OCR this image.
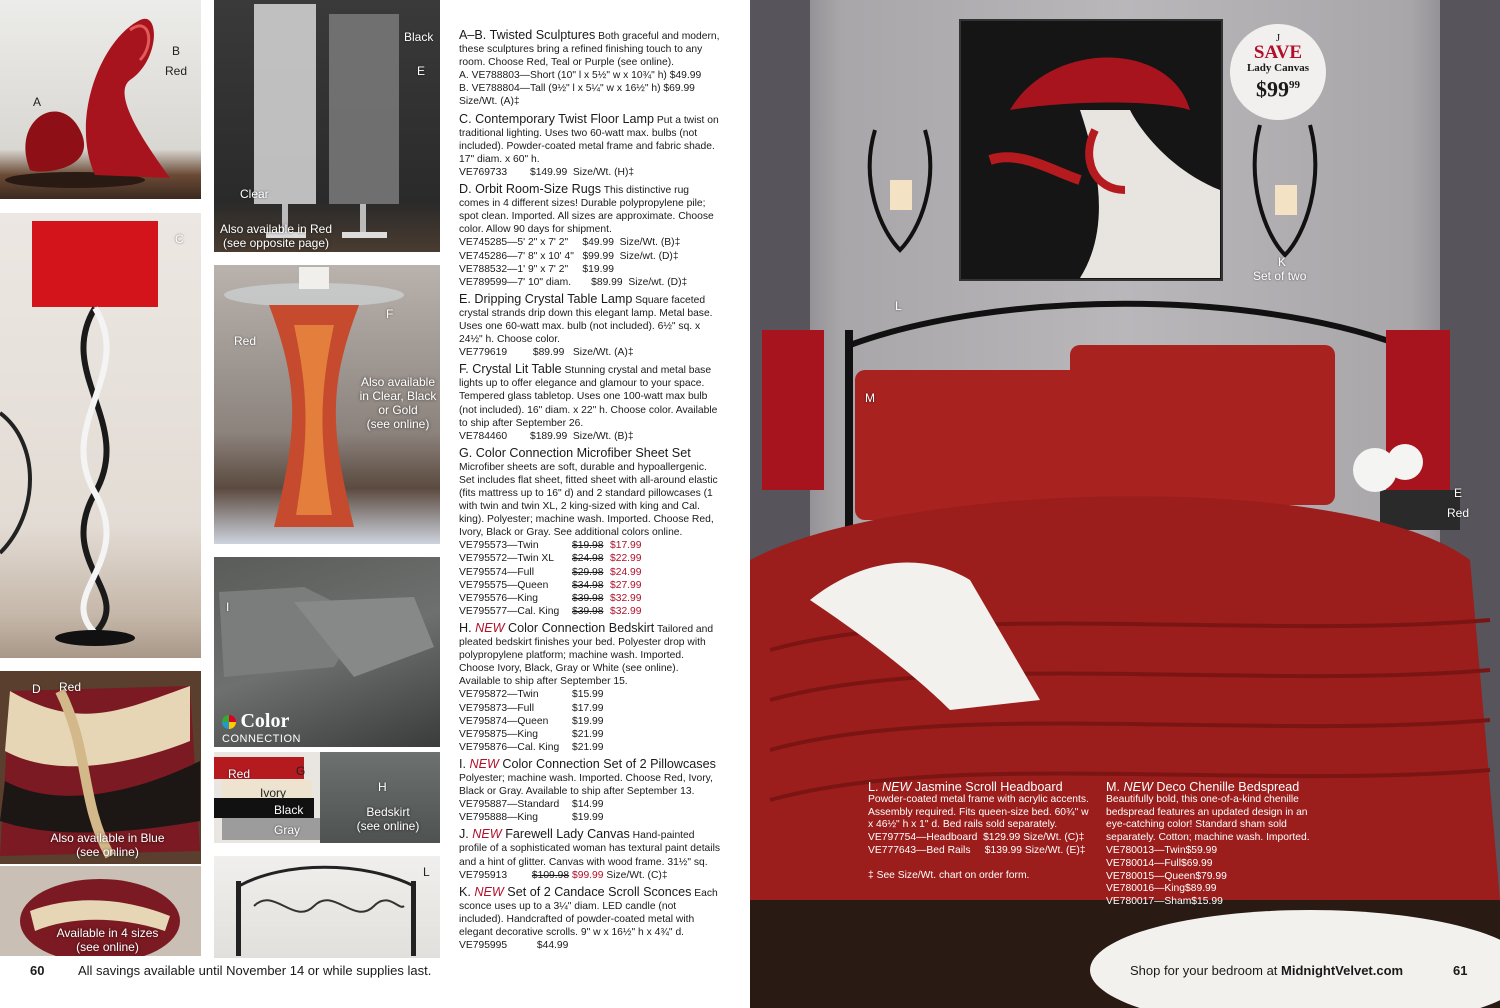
A
B
Red
Black
E
Clear
Also available in Red
(see opposite page)
C
Red
F
Also available
in Clear, Black
or Gold
(see online)
I
Color
CONNECTION
Red
Ivory
Black
Gray
G
H
Bedskirt
(see online)
D Red
Also available in Blue
(see online)
Available in 4 sizes
(see online)
L
A–B. Twisted Sculptures Both graceful and modern, these sculptures bring a refined finishing touch to any room. Choose Red, Teal or Purple (see online).
A. VE788803—Short (10" l x 5½" w x 10¾" h) $49.99
B. VE788804—Tall (9½" l x 5¼" w x 16½" h) $69.99
Size/Wt. (A)‡
C. Contemporary Twist Floor Lamp Put a twist on traditional lighting. Uses two 60-watt max. bulbs (not included). Powder-coated metal frame and fabric shade. 17" diam. x 60" h.
VE769733        $149.99  Size/Wt. (H)‡
D. Orbit Room-Size Rugs This distinctive rug comes in 4 different sizes! Durable polypropylene pile; spot clean. Imported. All sizes are approximate. Choose color. Allow 90 days for shipment.
VE745285—5' 2" x 7' 2"     $49.99  Size/Wt. (B)‡
VE745286—7' 8" x 10' 4"   $99.99  Size/wt. (D)‡
VE788532—1' 9" x 7' 2"     $19.99
VE789599—7' 10" diam.       $89.99  Size/wt. (D)‡
E. Dripping Crystal Table Lamp Square faceted crystal strands drip down this elegant lamp. Metal base. Uses one 60-watt max. bulb (not included). 6½" sq. x 24½" h. Choose color.
VE779619         $89.99   Size/Wt. (A)‡
F. Crystal Lit Table Stunning crystal and metal base lights up to offer elegance and glamour to your space. Tempered glass tabletop. Uses one 100-watt max bulb (not included). 16" diam. x 22" h. Choose color. Available to ship after September 26.
VE784460        $189.99  Size/Wt. (B)‡
G. Color Connection Microfiber Sheet Set
Microfiber sheets are soft, durable and hypoallergenic. Set includes flat sheet, fitted sheet with all-around elastic (fits mattress up to 16" d) and 2 standard pillowcases (1 with twin and twin XL, 2 king-sized with king and Cal. king). Polyester; machine wash. Imported. Choose Red, Ivory, Black or Gray. See additional colors online.
VE795573—Twin	$19.98 $17.99
VE795572—Twin XL $24.98 $22.99
VE795574—Full	$29.98 $24.99
VE795575—Queen $34.98 $27.99
VE795576—King	$39.98 $32.99
VE795577—Cal. King $39.98 $32.99
H. NEW Color Connection Bedskirt Tailored and pleated bedskirt finishes your bed. Polyester drop with polypropylene platform; machine wash. Imported. Choose Ivory, Black, Gray or White (see online). Available to ship after September 15.
VE795872—Twin	$15.99
VE795873—Full	$17.99
VE795874—Queen $19.99
VE795875—King	$21.99
VE795876—Cal. King $21.99
I. NEW Color Connection Set of 2 Pillowcases Polyester; machine wash. Imported. Choose Red, Ivory, Black or Gray. Available to ship after September 13.
VE795887—Standard $14.99
VE795888—King	$19.99
J. NEW Farewell Lady Canvas Hand-painted profile of a sophisticated woman has textural paint details and a hint of glitter. Canvas with wood frame. 31½" sq.
VE795913 $109.98 $99.99 Size/Wt. (C)‡
K. NEW Set of 2 Candace Scroll Sconces Each sconce uses up to a 3¼" diam. LED candle (not included). Handcrafted of powder-coated metal with elegant decorative scrolls. 9" w x 16½" h x 4¾" d.
VE795995	$44.99
60	All savings available until November 14 or while supplies last.
J
SAVE
Lady Canvas
$\$99^{99}$
K
Set of two
L
M
E
Red
L. NEW Jasmine Scroll Headboard
Powder-coated metal frame with acrylic accents. Assembly required. Fits queen-size bed. 60¾" w x 46½" h x 1" d. Bed rails sold separately.
VE797754—Headboard  $129.99 Size/Wt. (C)‡
VE777643—Bed Rails     $139.99 Size/Wt. (E)‡
‡ See Size/Wt. chart on order form.
M. NEW Deco Chenille Bedspread
Beautifully bold, this one-of-a-kind chenille bedspread features an updated design in an eye-catching color! Standard sham sold separately. Cotton; machine wash. Imported.
VE780013—Twin$59.99
VE780014—Full$69.99
VE780015—Queen$79.99
VE780016—King$89.99
VE780017—Sham$15.99
Shop for your bedroom at MidnightVelvet.com	61
